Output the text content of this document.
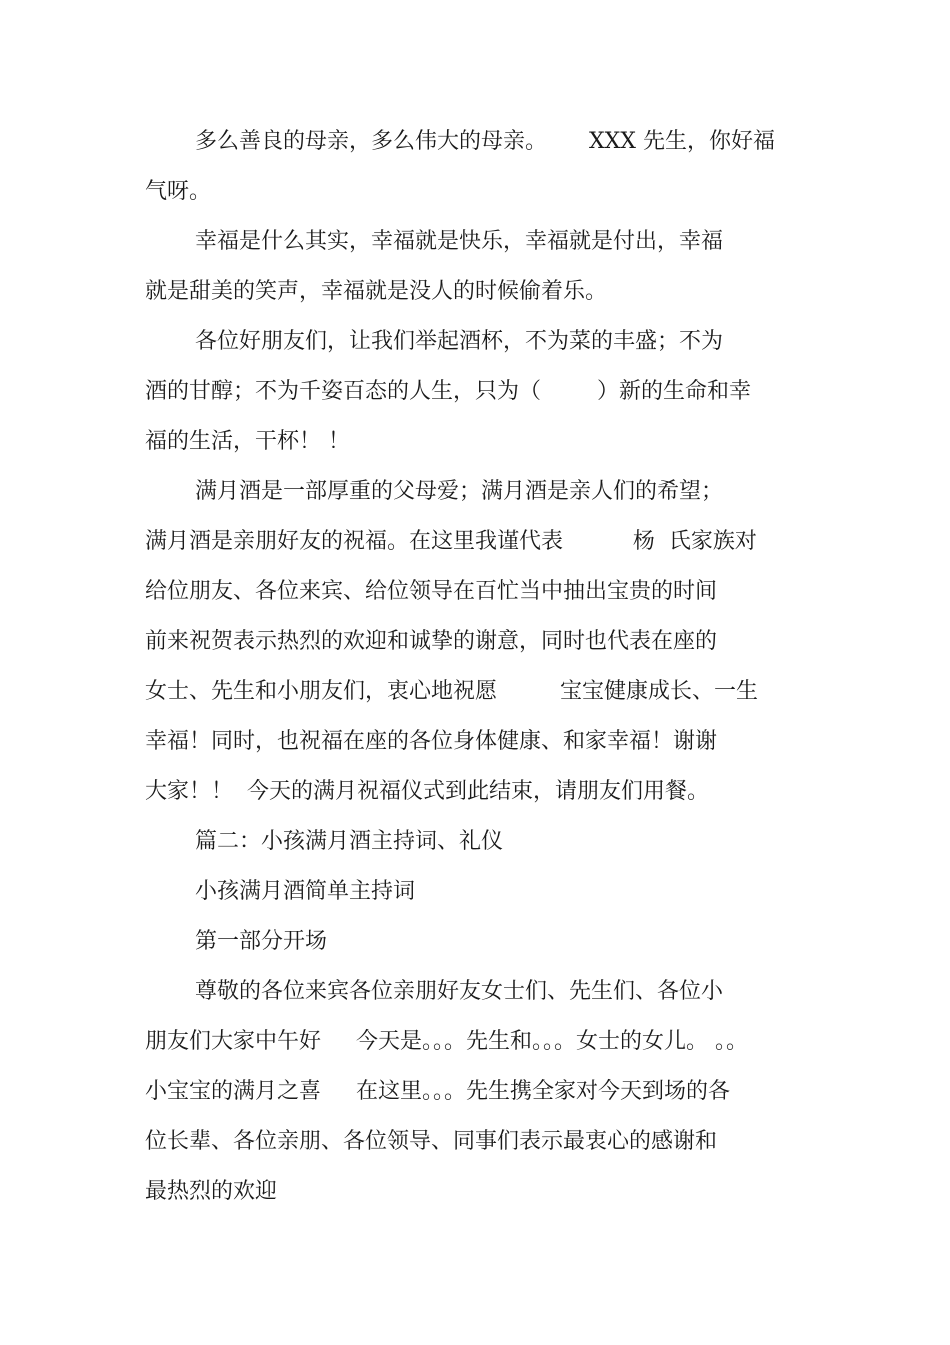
多么善良的母亲，多么伟大的母亲。      XXX 先生，你好福
气呀。
幸福是什么其实，幸福就是快乐，幸福就是付出，幸福
就是甜美的笑声，幸福就是没人的时候偷着乐。
各位好朋友们，让我们举起酒杯，不为菜的丰盛；不为
酒的甘醇；不为千姿百态的人生，只为（        ）新的生命和幸
福的生活，干杯！ ！
满月酒是一部厚重的父母爱；满月酒是亲人们的希望；
满月酒是亲朋好友的祝福。在这里我谨代表          杨  氏家族对
给位朋友、各位来宾、给位领导在百忙当中抽出宝贵的时间
前来祝贺表示热烈的欢迎和诚挚的谢意，同时也代表在座的
女士、先生和小朋友们，衷心地祝愿         宝宝健康成长、一生
幸福！同时，也祝福在座的各位身体健康、和家幸福！谢谢
大家！！  今天的满月祝福仪式到此结束，请朋友们用餐。
篇二：小孩满月酒主持词、礼仪
小孩满月酒简单主持词
第一部分开场
尊敬的各位来宾各位亲朋好友女士们、先生们、各位小
朋友们大家中午好     今天是。。。先生和。。。女士的女儿。 。。
小宝宝的满月之喜     在这里。。。先生携全家对今天到场的各
位长辈、各位亲朋、各位领导、同事们表示最衷心的感谢和
最热烈的欢迎
